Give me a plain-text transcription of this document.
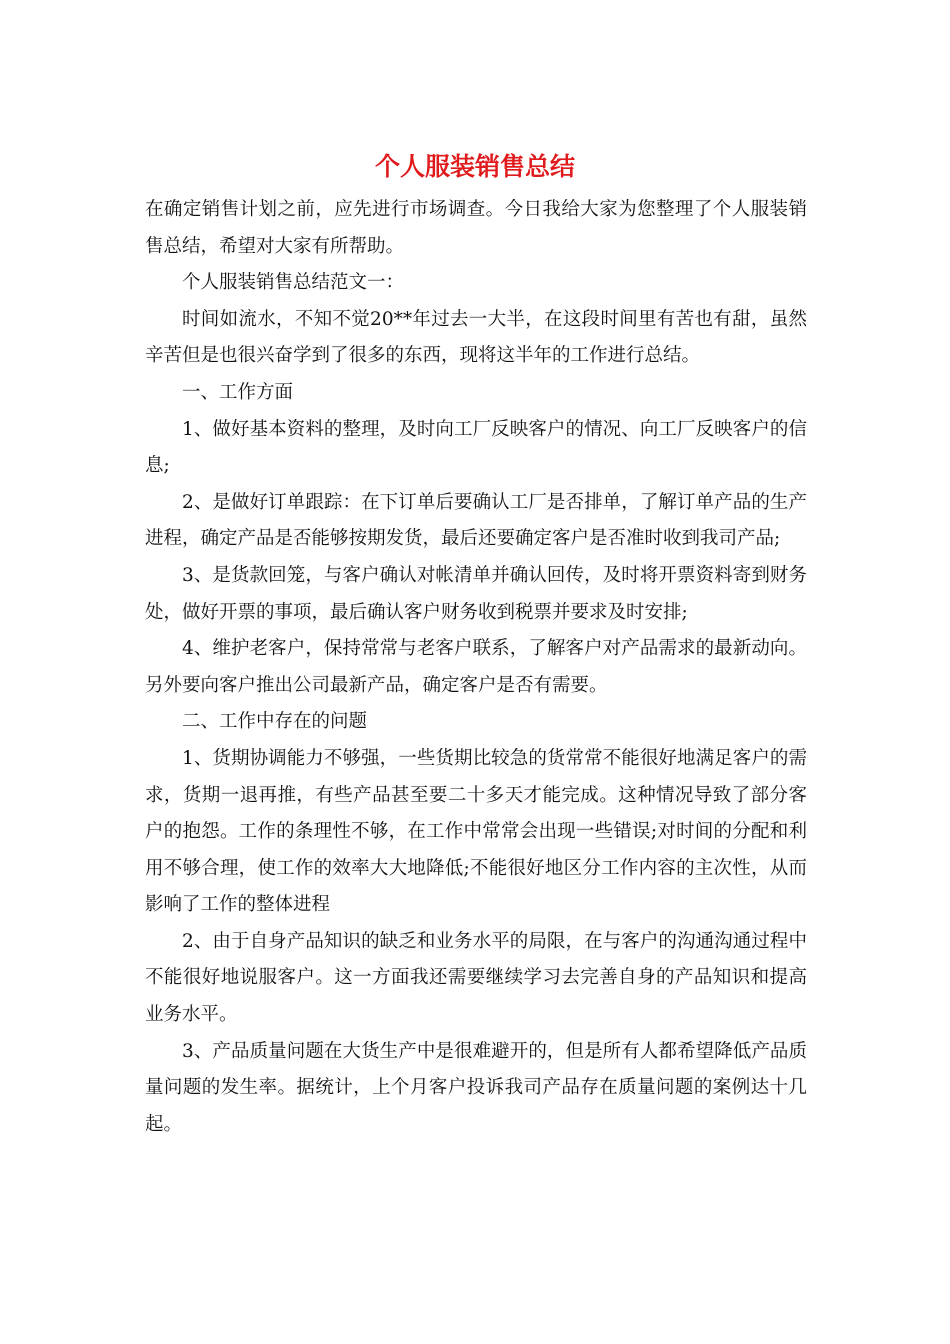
个人服装销售总结

在确定销售计划之前，应先进行市场调查。今日我给大家为您整理了个人服装销售总结，希望对大家有所帮助。

个人服装销售总结范文一：

时间如流水，不知不觉20**年过去一大半，在这段时间里有苦也有甜，虽然辛苦但是也很兴奋学到了很多的东西，现将这半年的工作进行总结。

一、工作方面

1、做好基本资料的整理，及时向工厂反映客户的情况、向工厂反映客户的信息;

2、是做好订单跟踪：在下订单后要确认工厂是否排单，了解订单产品的生产进程，确定产品是否能够按期发货，最后还要确定客户是否准时收到我司产品;

3、是货款回笼，与客户确认对帐清单并确认回传，及时将开票资料寄到财务处，做好开票的事项，最后确认客户财务收到税票并要求及时安排;

4、维护老客户，保持常常与老客户联系，了解客户对产品需求的最新动向。另外要向客户推出公司最新产品，确定客户是否有需要。

二、工作中存在的问题

1、货期协调能力不够强，一些货期比较急的货常常不能很好地满足客户的需求，货期一退再推，有些产品甚至要二十多天才能完成。这种情况导致了部分客户的抱怨。工作的条理性不够，在工作中常常会出现一些错误;对时间的分配和利用不够合理，使工作的效率大大地降低;不能很好地区分工作内容的主次性，从而影响了工作的整体进程

2、由于自身产品知识的缺乏和业务水平的局限，在与客户的沟通沟通过程中不能很好地说服客户。这一方面我还需要继续学习去完善自身的产品知识和提高业务水平。

3、产品质量问题在大货生产中是很难避开的，但是所有人都希望降低产品质量问题的发生率。据统计，上个月客户投诉我司产品存在质量问题的案例达十几起。
